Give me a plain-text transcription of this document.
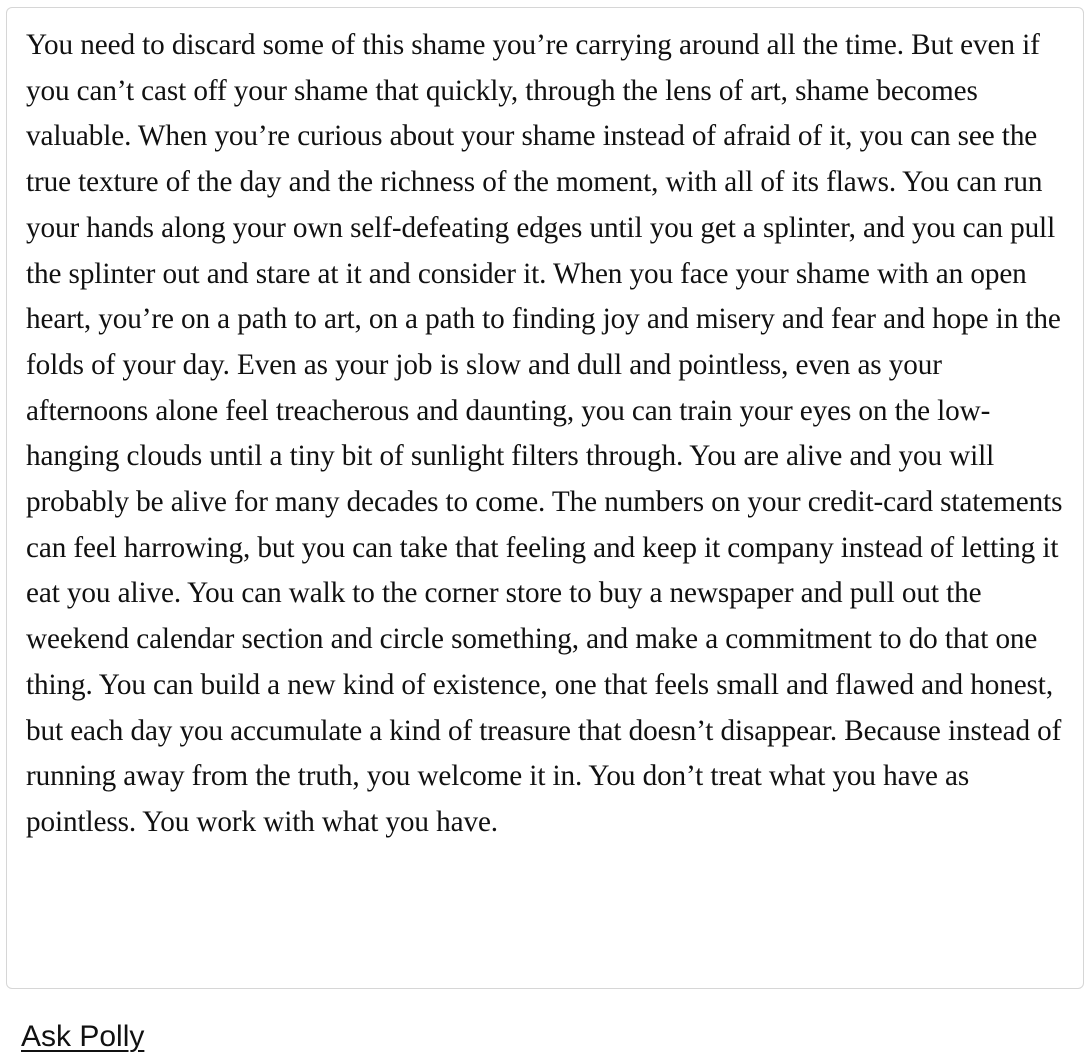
You need to discard some of this shame you’re carrying around all the time. But even if you can’t cast off your shame that quickly, through the lens of art, shame becomes valuable. When you’re curious about your shame instead of afraid of it, you can see the true texture of the day and the richness of the moment, with all of its flaws. You can run your hands along your own self-defeating edges until you get a splinter, and you can pull the splinter out and stare at it and consider it. When you face your shame with an open heart, you’re on a path to art, on a path to finding joy and misery and fear and hope in the folds of your day. Even as your job is slow and dull and pointless, even as your afternoons alone feel treacherous and daunting, you can train your eyes on the low-hanging clouds until a tiny bit of sunlight filters through. You are alive and you will probably be alive for many decades to come. The numbers on your credit-card statements can feel harrowing, but you can take that feeling and keep it company instead of letting it eat you alive. You can walk to the corner store to buy a newspaper and pull out the weekend calendar section and circle something, and make a commitment to do that one thing. You can build a new kind of existence, one that feels small and flawed and honest, but each day you accumulate a kind of treasure that doesn’t disappear. Because instead of running away from the truth, you welcome it in. You don’t treat what you have as pointless. You work with what you have.

Ask Polly
